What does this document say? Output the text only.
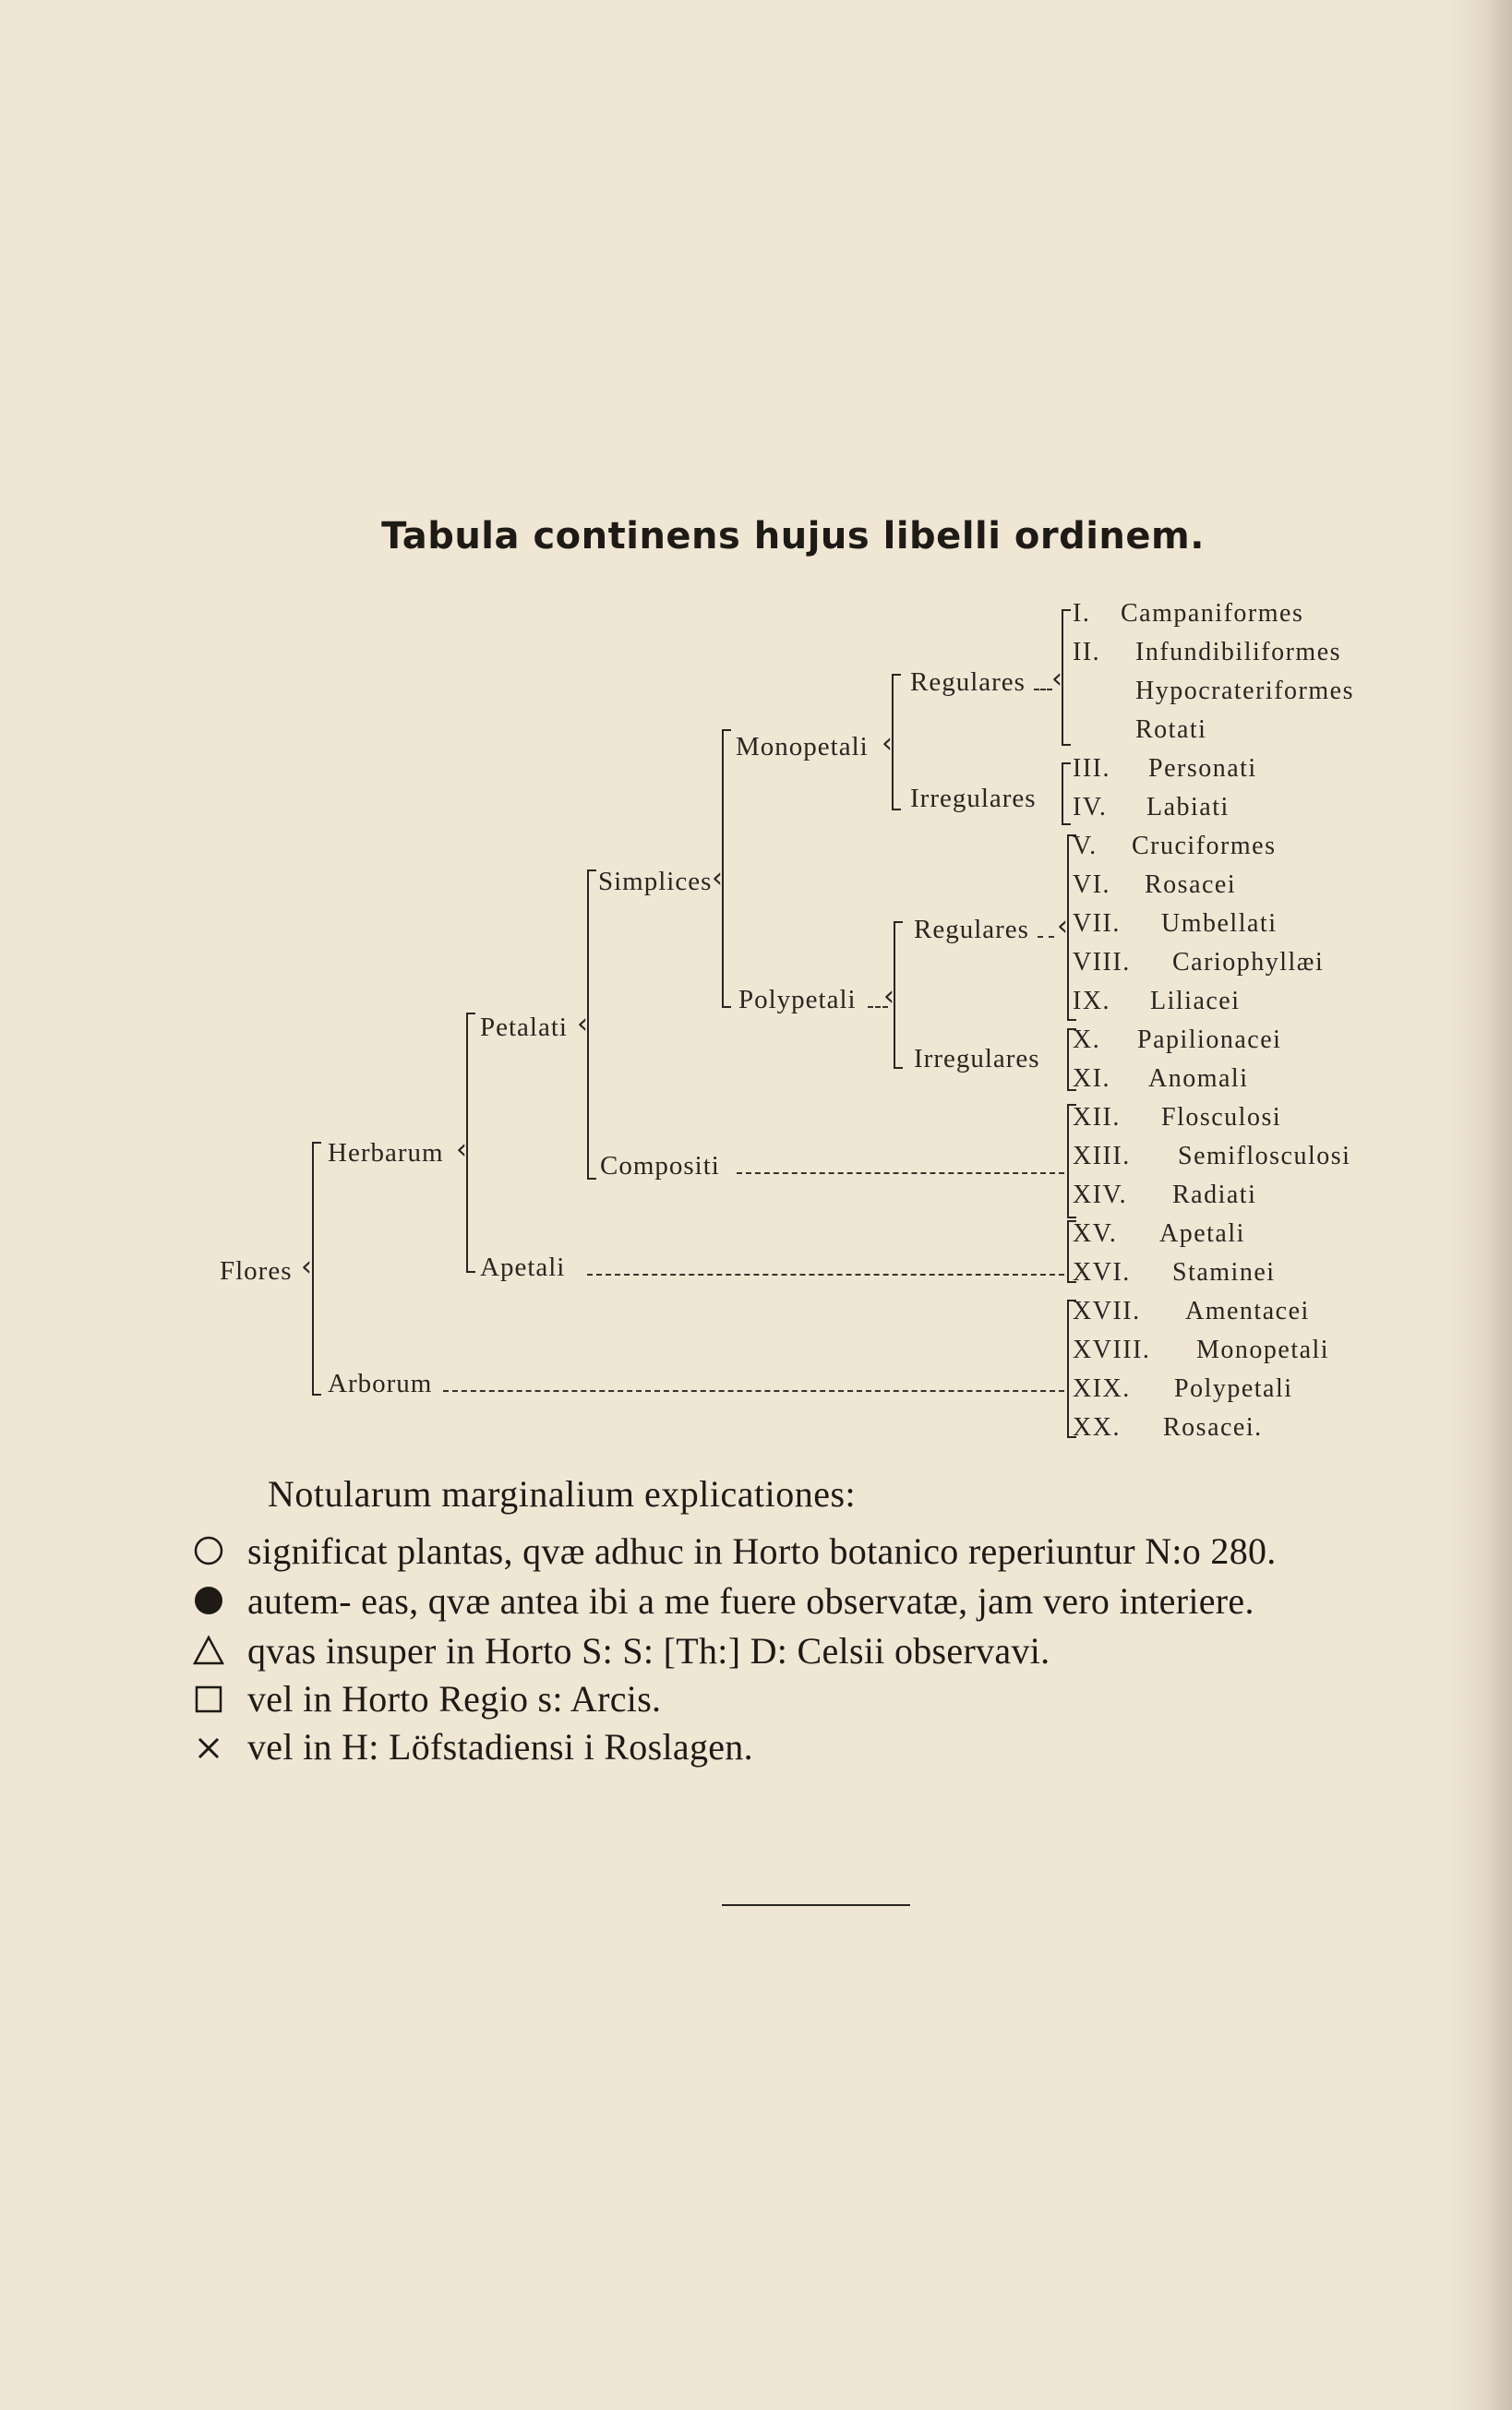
Tabula continens hujus libelli ordinem.
Flores ‹
Herbarum ‹
Arborum
Petalati ‹
Apetali
Simplices ‹
Compositi
Monopetali ‹
Polypetali ‹
Regulares ‹
Irregulares
Regulares ‹
Irregulares
I. Campaniformes
II. Infundibiliformes
Hypocrateriformes
Rotati
III. Personati
IV. Labiati
V. Cruciformes
VI. Rosacei
VII. Umbellati
VIII. Cariophyllæi
IX. Liliacei
X. Papilionacei
XI. Anomali
XII. Flosculosi
XIII. Semiflosculosi
XIV. Radiati
XV. Apetali
XVI. Staminei
XVII. Amentacei
XVIII. Monopetali
XIX. Polypetali
XX. Rosacei.
Notularum marginalium explicationes:
significat plantas, qvæ adhuc in Horto botanico reperiuntur N:o 280.
autem- eas, qvæ antea ibi a me fuere observatæ, jam vero interiere.
qvas insuper in Horto S: S: [Th:] D: Celsii observavi.
vel in Horto Regio s: Arcis.
vel in H: Löfstadiensi i Roslagen.
